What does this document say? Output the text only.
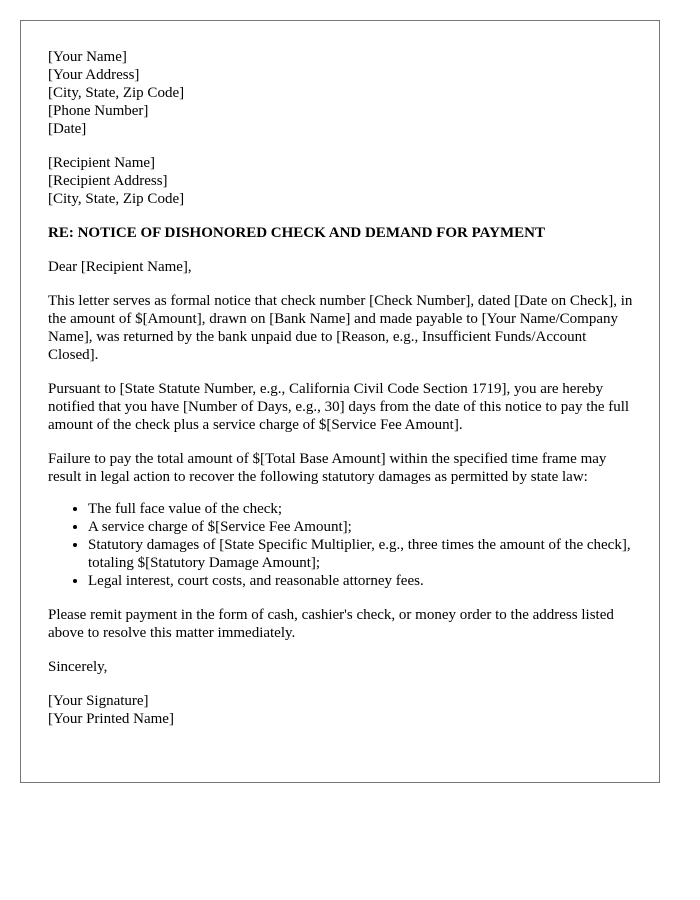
[Your Name]
[Your Address]
[City, State, Zip Code]
[Phone Number]
[Date]
[Recipient Name]
[Recipient Address]
[City, State, Zip Code]

RE: NOTICE OF DISHONORED CHECK AND DEMAND FOR PAYMENT

Dear [Recipient Name],

This letter serves as formal notice that check number [Check Number], dated [Date on Check], in the amount of $[Amount], drawn on [Bank Name] and made payable to [Your Name/Company Name], was returned by the bank unpaid due to [Reason, e.g., Insufficient Funds/Account Closed].

Pursuant to [State Statute Number, e.g., California Civil Code Section 1719], you are hereby notified that you have [Number of Days, e.g., 30] days from the date of this notice to pay the full amount of the check plus a service charge of $[Service Fee Amount].

Failure to pay the total amount of $[Total Base Amount] within the specified time frame may result in legal action to recover the following statutory damages as permitted by state law:

• The full face value of the check;
• A service charge of $[Service Fee Amount];
• Statutory damages of [State Specific Multiplier, e.g., three times the amount of the check], totaling $[Statutory Damage Amount];
• Legal interest, court costs, and reasonable attorney fees.

Please remit payment in the form of cash, cashier's check, or money order to the address listed above to resolve this matter immediately.

Sincerely,

[Your Signature]
[Your Printed Name]
